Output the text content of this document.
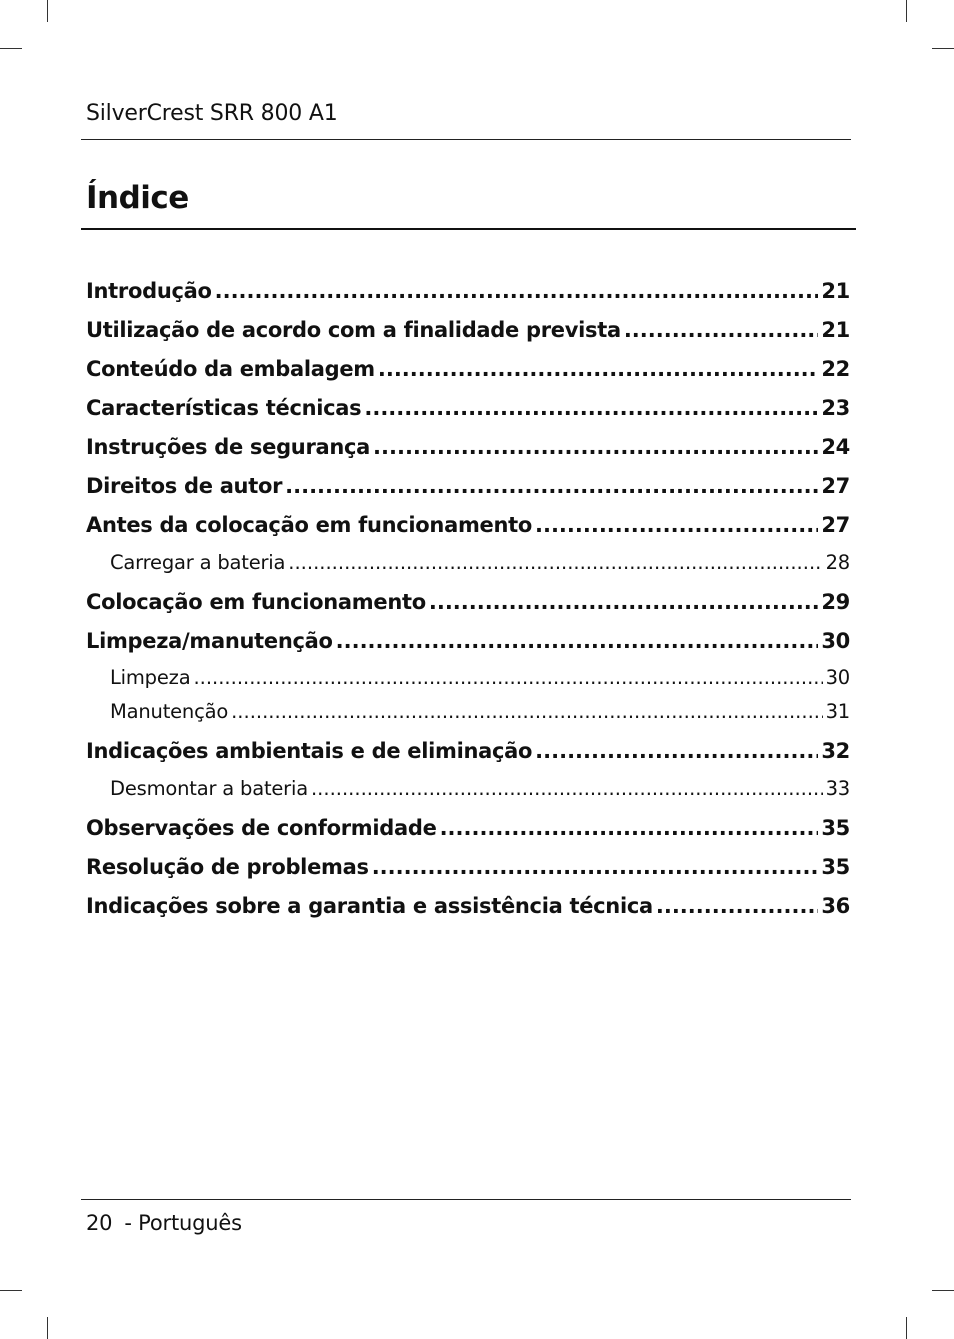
SilverCrest SRR 800 A1
Índice
Introdução .....	21
Utilização de acordo com a finalidade prevista .....	21
Conteúdo da embalagem .....	22
Características técnicas .....	23
Instruções de segurança .....	24
Direitos de autor .....	27
Antes da colocação em funcionamento .....	27
Carregar a bateria .....	28
Colocação em funcionamento .....	29
Limpeza/manutenção .....	30
Limpeza .....	30
Manutenção .....	31
Indicações ambientais e de eliminação .....	32
Desmontar a bateria .....	33
Observações de conformidade .....	35
Resolução de problemas .....	35
Indicações sobre a garantia e assistência técnica .....	36
20 - Português
